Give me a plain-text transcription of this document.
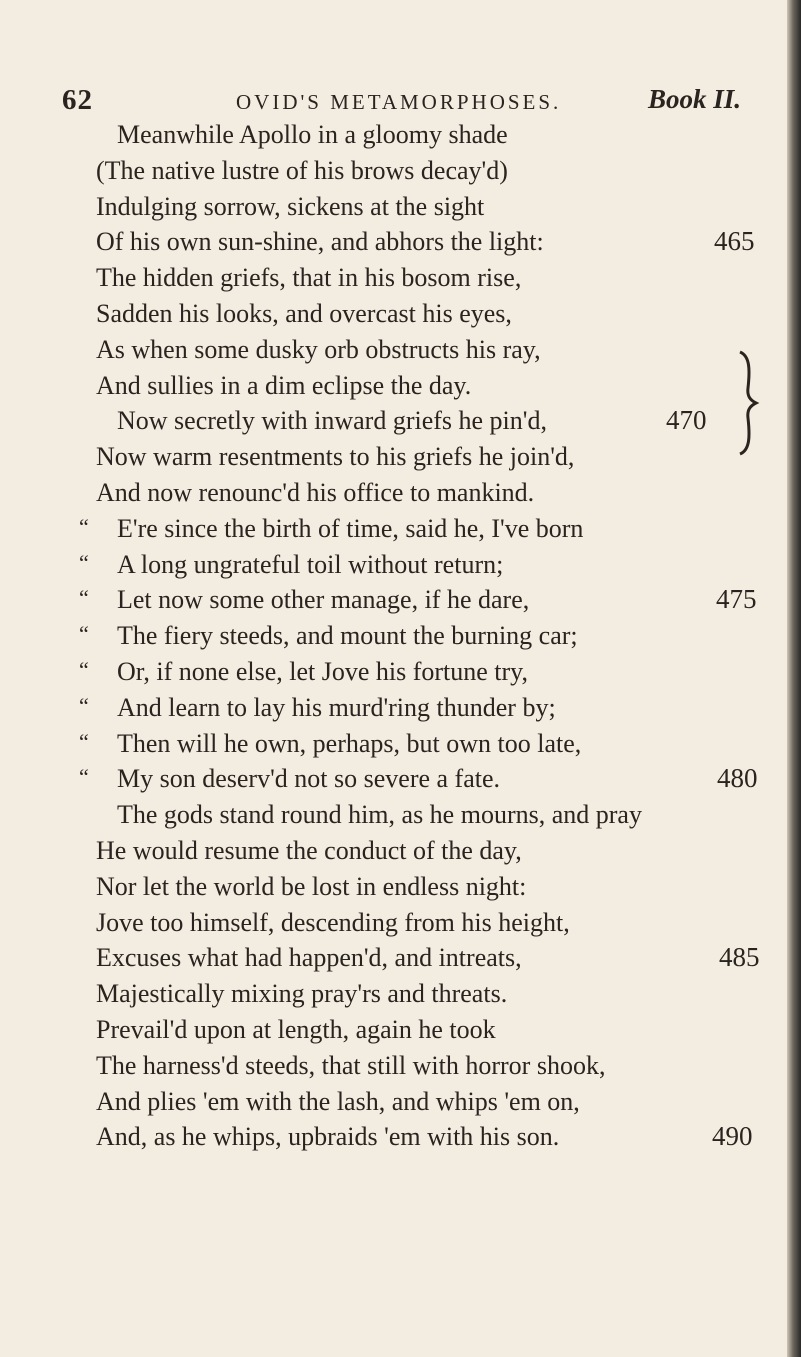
62	OVID'S METAMORPHOSES.	Book II.
Meanwhile Apollo in a gloomy shade
(The native lustre of his brows decay'd)
Indulging sorrow, sickens at the sight
Of his own sun-shine, and abhors the light:	465
The hidden griefs, that in his bosom rise,
Sadden his looks, and overcast his eyes,
As when some dusky orb obstructs his ray,
And sullies in a dim eclipse the day.
Now secretly with inward griefs he pin'd,	470
Now warm resentments to his griefs he join'd,
And now renounc'd his office to mankind.
“ E're since the birth of time, said he, I've born
“ A long ungrateful toil without return;
“ Let now some other manage, if he dare,	475
“ The fiery steeds, and mount the burning car;
“ Or, if none else, let Jove his fortune try,
“ And learn to lay his murd'ring thunder by;
“ Then will he own, perhaps, but own too late,
“ My son deserv'd not so severe a fate.	480
The gods stand round him, as he mourns, and pray
He would resume the conduct of the day,
Nor let the world be lost in endless night:
Jove too himself, descending from his height,
Excuses what had happen'd, and intreats,	485
Majestically mixing pray'rs and threats.
Prevail'd upon at length, again he took
The harness'd steeds, that still with horror shook,
And plies 'em with the lash, and whips 'em on,
And, as he whips, upbraids 'em with his son.	490
